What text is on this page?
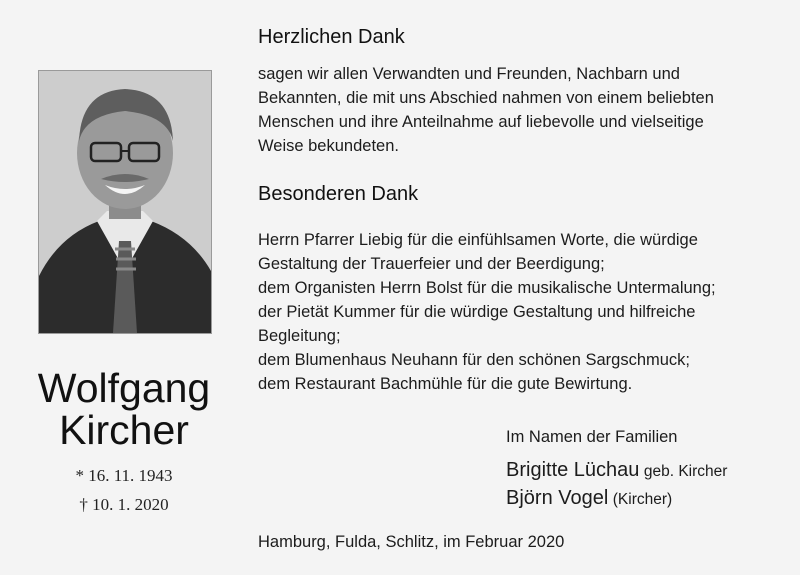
Wolfgang
Kircher
* 16. 11. 1943
† 10. 1. 2020
Herzlichen Dank
sagen wir allen Verwandten und Freunden, Nachbarn und
Bekannten, die mit uns Abschied nahmen von einem beliebten
Menschen und ihre Anteilnahme auf liebevolle und vielseitige
Weise bekundeten.
Besonderen Dank
Herrn Pfarrer Liebig für die einfühlsamen Worte, die würdige
Gestaltung der Trauerfeier und der Beerdigung;
dem Organisten Herrn Bolst für die musikalische Untermalung;
der Pietät Kummer für die würdige Gestaltung und hilfreiche
Begleitung;
dem Blumenhaus Neuhann für den schönen Sargschmuck;
dem Restaurant Bachmühle für die gute Bewirtung.
Im Namen der Familien
Brigitte Lüchau geb. Kircher
Björn Vogel (Kircher)
Hamburg, Fulda, Schlitz, im Februar 2020
